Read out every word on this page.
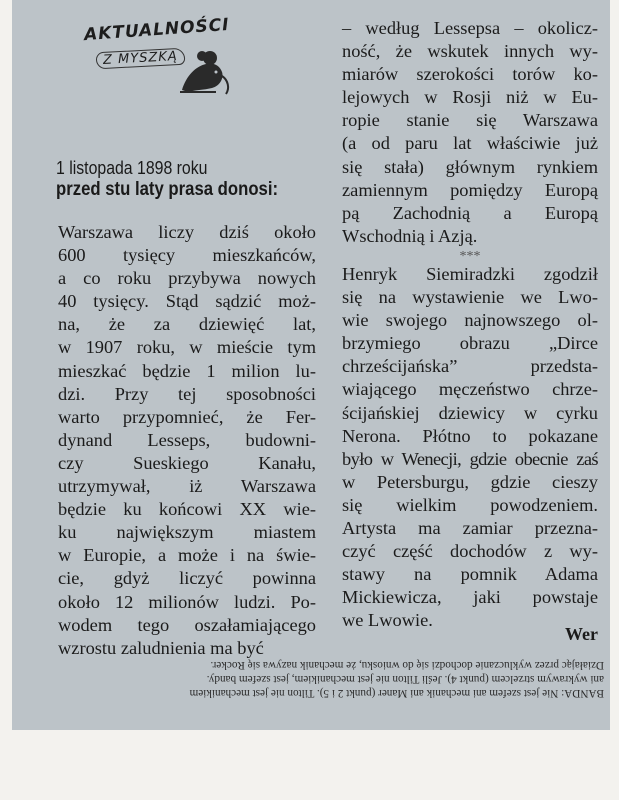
AKTUALNOŚCI
Z MYSZKĄ
1 listopada 1898 roku
przed stu laty prasa donosi:
Warszawa liczy dziś około
600 tysięcy mieszkańców,
a co roku przybywa nowych
40 tysięcy. Stąd sądzić moż-
na, że za dziewięć lat,
w 1907 roku, w mieście tym
mieszkać będzie 1 milion lu-
dzi. Przy tej sposobności
warto przypomnieć, że Fer-
dynand Lesseps, budowni-
czy Sueskiego Kanału,
utrzymywał, iż Warszawa
będzie ku końcowi XX wie-
ku największym miastem
w Europie, a może i na świe-
cie, gdyż liczyć powinna
około 12 milionów ludzi. Po-
wodem tego oszałamiającego
wzrostu zaludnienia ma być
– według Lessepsa – okolicz-
ność, że wskutek innych wy-
miarów szerokości torów ko-
lejowych w Rosji niż w Eu-
ropie stanie się Warszawa
(a od paru lat właściwie już
się stała) głównym rynkiem
zamiennym pomiędzy Europą
pą Zachodnią a Europą
Wschodnią i Azją.
***
Henryk Siemiradzki zgodził
się na wystawienie we Lwo-
wie swojego najnowszego ol-
brzymiego obrazu „Dirce
chrześcijańska” przedsta-
wiającego męczeństwo chrze-
ścijańskiej dziewicy w cyrku
Nerona. Płótno to pokazane
było w Wenecji, gdzie obecnie zaś
w Petersburgu, gdzie cieszy
się wielkim powodzeniem.
Artysta ma zamiar przezna-
czyć część dochodów z wy-
stawy na pomnik Adama
Mickiewicza, jaki powstaje
we Lwowie.
Wer
BANDA: Nie jest szefem ani mechanik ani Maner (punkt 2 i 5). Tilton nie jest mechanikiem
ani wykrawym strzelcem (punkt 4). Jeśli Tilton nie jest mechanikiem, jest szefem bandy.
Działając przez wykluczanie dochodzi się do wniosku, że mechanik nazywa się Rocker.
